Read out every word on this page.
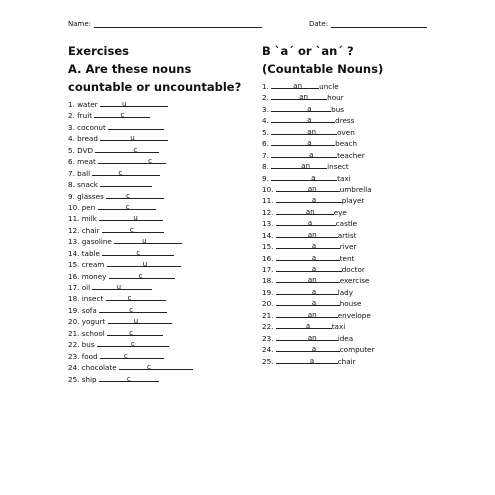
Name:	Date:
Exercises
A. Are these nouns
countable or uncountable?
1. water	u
2. fruit	c
3. coconut
4. bread	u
5. DVD	c
6. meat	c
7. ball	c
8. snack
9. glasses	c
10. pen	c
11. milk	u
12. chair	c
13. gasoline	u
14. table	c
15. cream	u
16. money	c
17. oil	u
18. insect	c
19. sofa	c
20. yogurt	u
21. school	c
22. bus	c
23. food	c
24. chocolate	c
25. ship	c
B `a´ or `an´ ?
(Countable Nouns)
1.	an uncle
2.	an	hour
3.	a	bus
4.	a	dress
5.	an	oven
6.	a	beach
7.	a	teacher
8.	an insect
9.	a	taxi
10.	an	umbrella
11.	a	player
12.	an	eye
13.	a	castle
14.	an	artist
15.	a	river
16.	a	tent
17.	a	doctor
18.	an	exercise
19.	a	lady
20.	a	house
21.	an	envelope
22.	a	taxi
23.	an	idea
24.	a	computer
25.	a	chair
